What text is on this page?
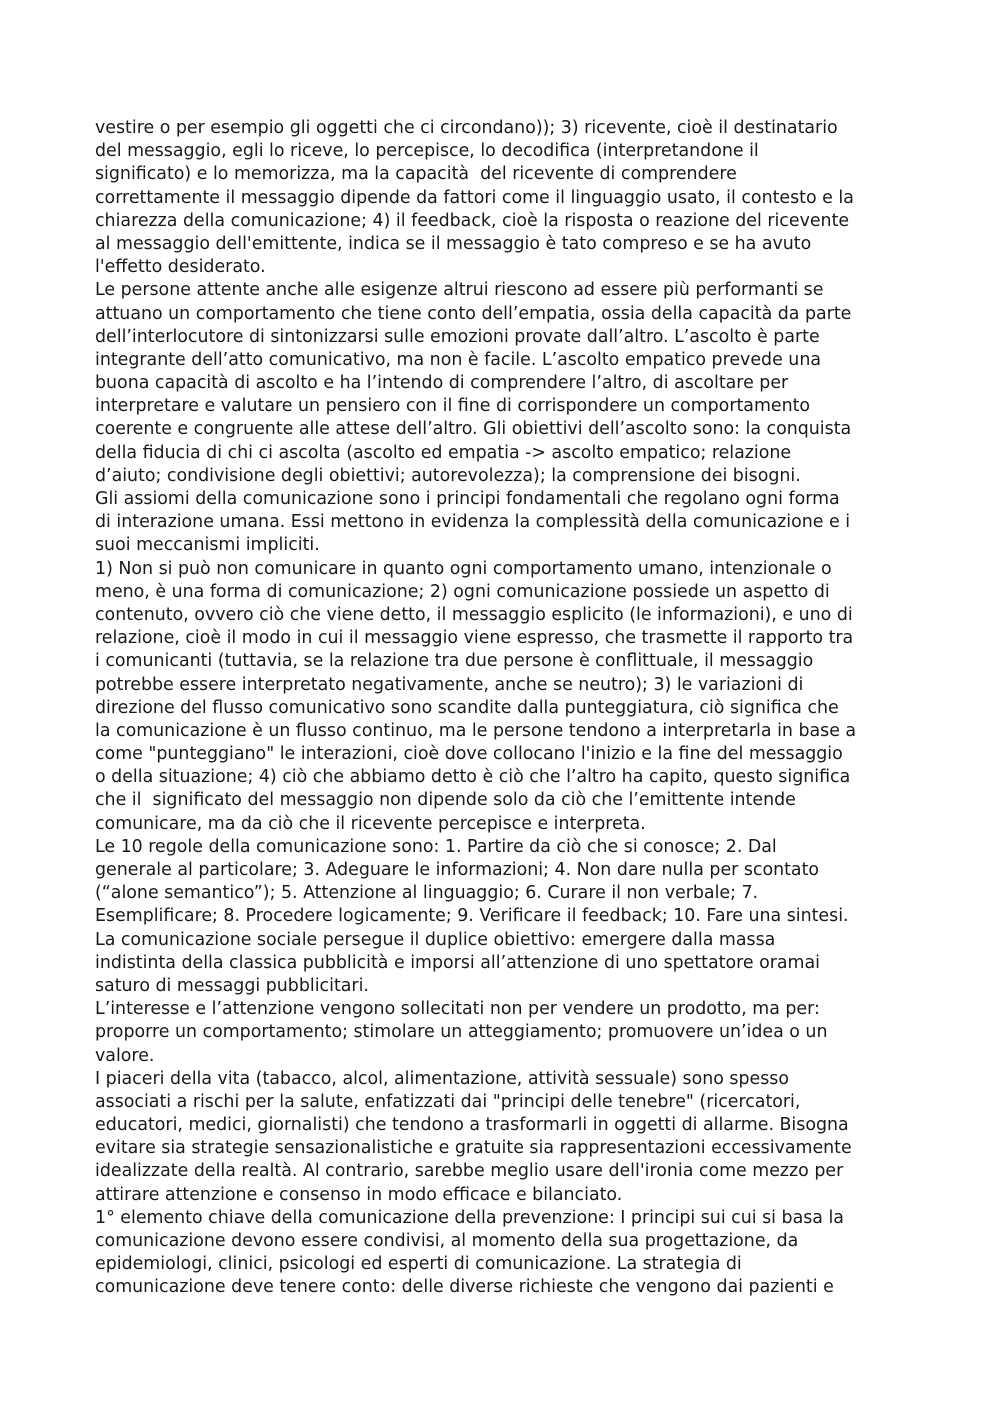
vestire o per esempio gli oggetti che ci circondano)); 3) ricevente, cioè il destinatario
del messaggio, egli lo riceve, lo percepisce, lo decodifica (interpretandone il
significato) e lo memorizza, ma la capacità  del ricevente di comprendere
correttamente il messaggio dipende da fattori come il linguaggio usato, il contesto e la
chiarezza della comunicazione; 4) il feedback, cioè la risposta o reazione del ricevente
al messaggio dell'emittente, indica se il messaggio è tato compreso e se ha avuto
l'effetto desiderato.
Le persone attente anche alle esigenze altrui riescono ad essere più performanti se
attuano un comportamento che tiene conto dell’empatia, ossia della capacità da parte
dell’interlocutore di sintonizzarsi sulle emozioni provate dall’altro. L’ascolto è parte
integrante dell’atto comunicativo, ma non è facile. L’ascolto empatico prevede una
buona capacità di ascolto e ha l’intendo di comprendere l’altro, di ascoltare per
interpretare e valutare un pensiero con il fine di corrispondere un comportamento
coerente e congruente alle attese dell’altro. Gli obiettivi dell’ascolto sono: la conquista
della fiducia di chi ci ascolta (ascolto ed empatia -> ascolto empatico; relazione
d’aiuto; condivisione degli obiettivi; autorevolezza); la comprensione dei bisogni.
Gli assiomi della comunicazione sono i principi fondamentali che regolano ogni forma
di interazione umana. Essi mettono in evidenza la complessità della comunicazione e i
suoi meccanismi impliciti.
1) Non si può non comunicare in quanto ogni comportamento umano, intenzionale o
meno, è una forma di comunicazione; 2) ogni comunicazione possiede un aspetto di
contenuto, ovvero ciò che viene detto, il messaggio esplicito (le informazioni), e uno di
relazione, cioè il modo in cui il messaggio viene espresso, che trasmette il rapporto tra
i comunicanti (tuttavia, se la relazione tra due persone è conflittuale, il messaggio
potrebbe essere interpretato negativamente, anche se neutro); 3) le variazioni di
direzione del flusso comunicativo sono scandite dalla punteggiatura, ciò significa che
la comunicazione è un flusso continuo, ma le persone tendono a interpretarla in base a
come "punteggiano" le interazioni, cioè dove collocano l'inizio e la fine del messaggio
o della situazione; 4) ciò che abbiamo detto è ciò che l’altro ha capito, questo significa
che il  significato del messaggio non dipende solo da ciò che l’emittente intende
comunicare, ma da ciò che il ricevente percepisce e interpreta.
Le 10 regole della comunicazione sono: 1. Partire da ciò che si conosce; 2. Dal
generale al particolare; 3. Adeguare le informazioni; 4. Non dare nulla per scontato
(“alone semantico”); 5. Attenzione al linguaggio; 6. Curare il non verbale; 7.
Esemplificare; 8. Procedere logicamente; 9. Verificare il feedback; 10. Fare una sintesi.
La comunicazione sociale persegue il duplice obiettivo: emergere dalla massa
indistinta della classica pubblicità e imporsi all’attenzione di uno spettatore oramai
saturo di messaggi pubblicitari.
L’interesse e l’attenzione vengono sollecitati non per vendere un prodotto, ma per:
proporre un comportamento; stimolare un atteggiamento; promuovere un’idea o un
valore.
I piaceri della vita (tabacco, alcol, alimentazione, attività sessuale) sono spesso
associati a rischi per la salute, enfatizzati dai "principi delle tenebre" (ricercatori,
educatori, medici, giornalisti) che tendono a trasformarli in oggetti di allarme. Bisogna
evitare sia strategie sensazionalistiche e gratuite sia rappresentazioni eccessivamente
idealizzate della realtà. Al contrario, sarebbe meglio usare dell'ironia come mezzo per
attirare attenzione e consenso in modo efficace e bilanciato.
1° elemento chiave della comunicazione della prevenzione: I principi sui cui si basa la
comunicazione devono essere condivisi, al momento della sua progettazione, da
epidemiologi, clinici, psicologi ed esperti di comunicazione. La strategia di
comunicazione deve tenere conto: delle diverse richieste che vengono dai pazienti e
